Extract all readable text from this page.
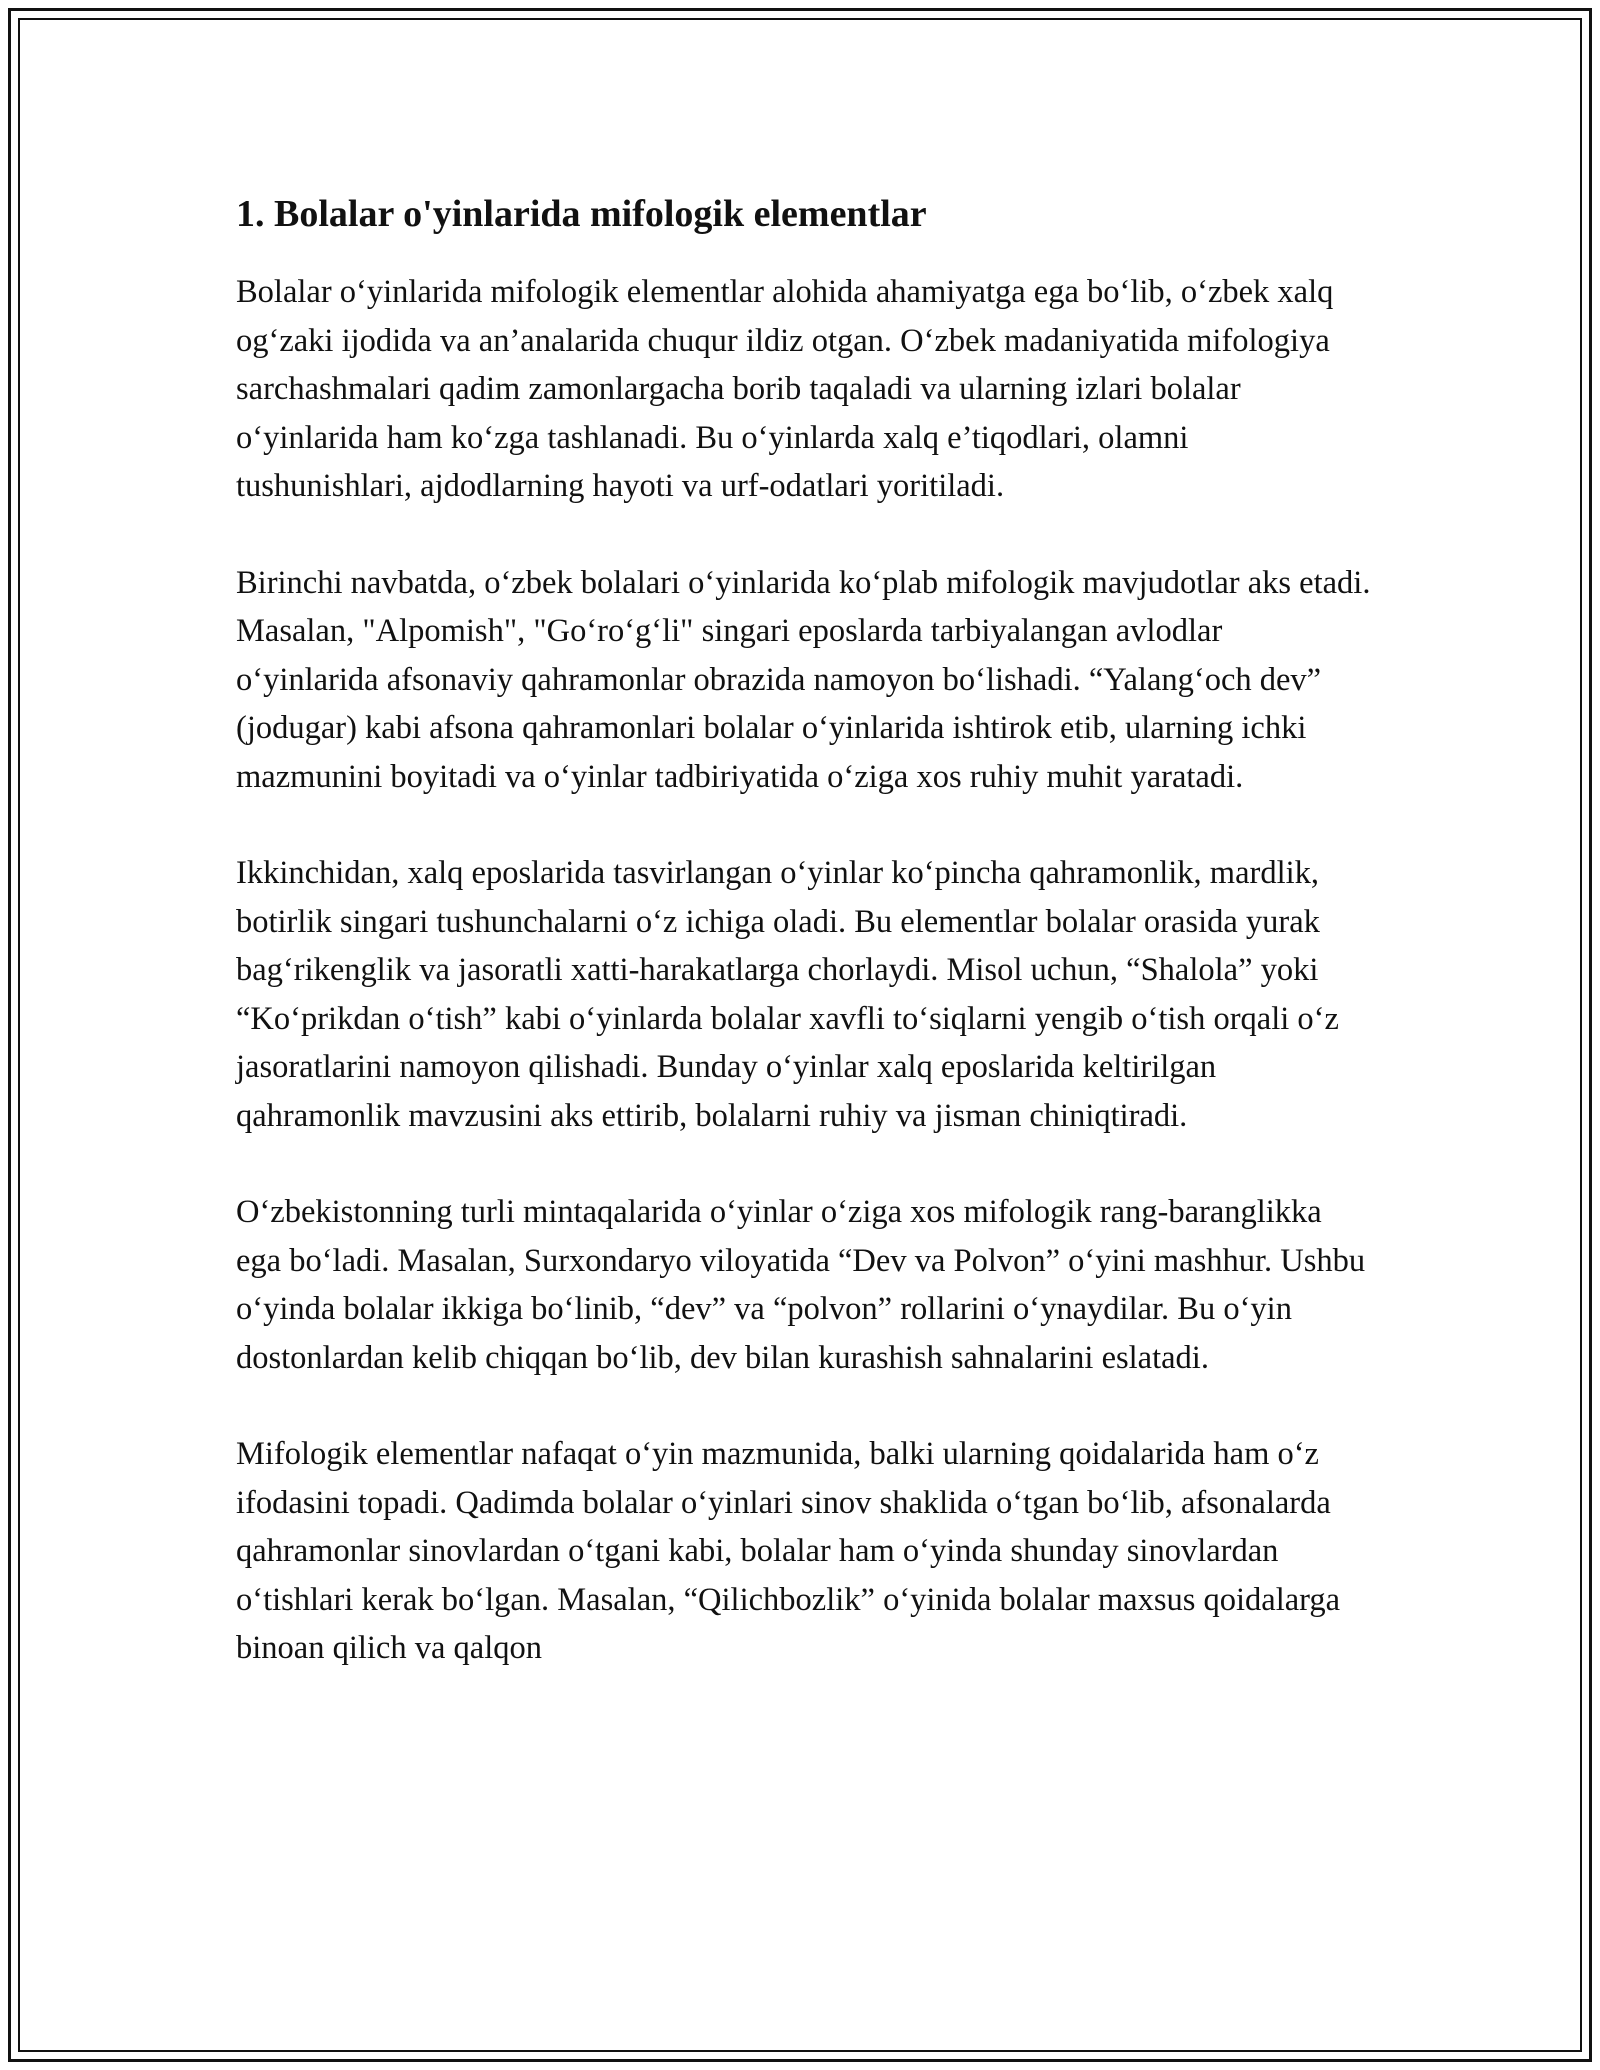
1. Bolalar o'yinlarida mifologik elementlar

Bolalar o‘yinlarida mifologik elementlar alohida ahamiyatga ega bo‘lib, o‘zbek xalq og‘zaki ijodida va an’analarida chuqur ildiz otgan. O‘zbek madaniyatida mifologiya sarchashmalari qadim zamonlargacha borib taqaladi va ularning izlari bolalar o‘yinlarida ham ko‘zga tashlanadi. Bu o‘yinlarda xalq e’tiqodlari, olamni tushunishlari, ajdodlarning hayoti va urf-odatlari yoritiladi.

Birinchi navbatda, o‘zbek bolalari o‘yinlarida ko‘plab mifologik mavjudotlar aks etadi. Masalan, "Alpomish", "Go‘ro‘g‘li" singari eposlarda tarbiyalangan avlodlar o‘yinlarida afsonaviy qahramonlar obrazida namoyon bo‘lishadi. “Yalang‘och dev” (jodugar) kabi afsona qahramonlari bolalar o‘yinlarida ishtirok etib, ularning ichki mazmunini boyitadi va o‘yinlar tadbiriyatida o‘ziga xos ruhiy muhit yaratadi.

Ikkinchidan, xalq eposlarida tasvirlangan o‘yinlar ko‘pincha qahramonlik, mardlik, botirlik singari tushunchalarni o‘z ichiga oladi. Bu elementlar bolalar orasida yurak bag‘rikenglik va jasoratli xatti-harakatlarga chorlaydi. Misol uchun, “Shalola” yoki “Ko‘prikdan o‘tish” kabi o‘yinlarda bolalar xavfli to‘siqlarni yengib o‘tish orqali o‘z jasoratlarini namoyon qilishadi. Bunday o‘yinlar xalq eposlarida keltirilgan qahramonlik mavzusini aks ettirib, bolalarni ruhiy va jisman chiniqtiradi.

O‘zbekistonning turli mintaqalarida o‘yinlar o‘ziga xos mifologik rang-baranglikka ega bo‘ladi. Masalan, Surxondaryo viloyatida “Dev va Polvon” o‘yini mashhur. Ushbu o‘yinda bolalar ikkiga bo‘linib, “dev” va “polvon” rollarini o‘ynaydilar. Bu o‘yin dostonlardan kelib chiqqan bo‘lib, dev bilan kurashish sahnalarini eslatadi.

Mifologik elementlar nafaqat o‘yin mazmunida, balki ularning qoidalarida ham o‘z ifodasini topadi. Qadimda bolalar o‘yinlari sinov shaklida o‘tgan bo‘lib, afsonalarda qahramonlar sinovlardan o‘tgani kabi, bolalar ham o‘yinda shunday sinovlardan o‘tishlari kerak bo‘lgan. Masalan, “Qilichbozlik” o‘yinida bolalar maxsus qoidalarga binoan qilich va qalqon
